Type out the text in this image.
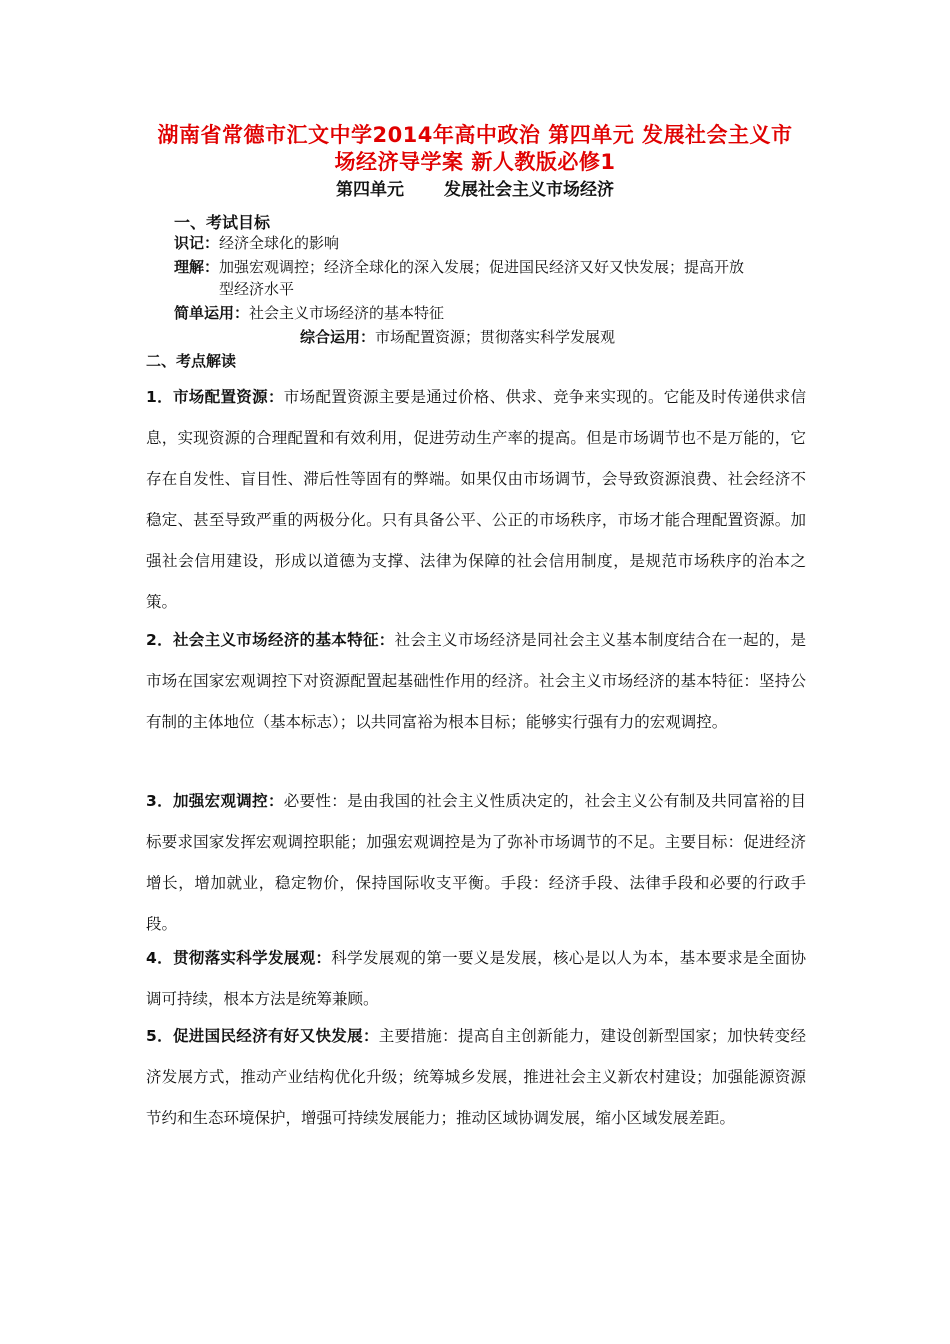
湖南省常德市汇文中学2014年高中政治 第四单元 发展社会主义市
场经济导学案 新人教版必修1
第四单元 发展社会主义市场经济
一、考试目标
识记：经济全球化的影响
理解：加强宏观调控；经济全球化的深入发展；促进国民经济又好又快发展；提高开放
型经济水平
简单运用：社会主义市场经济的基本特征
综合运用：市场配置资源；贯彻落实科学发展观
二、考点解读
1．市场配置资源：市场配置资源主要是通过价格、供求、竞争来实现的。它能及时传递供求信息，实现资源的合理配置和有效利用，促进劳动生产率的提高。但是市场调节也不是万能的，它存在自发性、盲目性、滞后性等固有的弊端。如果仅由市场调节，会导致资源浪费、社会经济不稳定、甚至导致严重的两极分化。只有具备公平、公正的市场秩序，市场才能合理配置资源。加强社会信用建设，形成以道德为支撑、法律为保障的社会信用制度，是规范市场秩序的治本之策。
2．社会主义市场经济的基本特征：社会主义市场经济是同社会主义基本制度结合在一起的，是市场在国家宏观调控下对资源配置起基础性作用的经济。社会主义市场经济的基本特征：坚持公有制的主体地位（基本标志）；以共同富裕为根本目标；能够实行强有力的宏观调控。
3．加强宏观调控：必要性：是由我国的社会主义性质决定的，社会主义公有制及共同富裕的目标要求国家发挥宏观调控职能；加强宏观调控是为了弥补市场调节的不足。主要目标：促进经济增长，增加就业，稳定物价，保持国际收支平衡。手段：经济手段、法律手段和必要的行政手段。
4．贯彻落实科学发展观：科学发展观的第一要义是发展，核心是以人为本，基本要求是全面协调可持续，根本方法是统筹兼顾。
5．促进国民经济有好又快发展：主要措施：提高自主创新能力，建设创新型国家；加快转变经济发展方式，推动产业结构优化升级；统筹城乡发展，推进社会主义新农村建设；加强能源资源节约和生态环境保护，增强可持续发展能力；推动区域协调发展，缩小区域发展差距。
